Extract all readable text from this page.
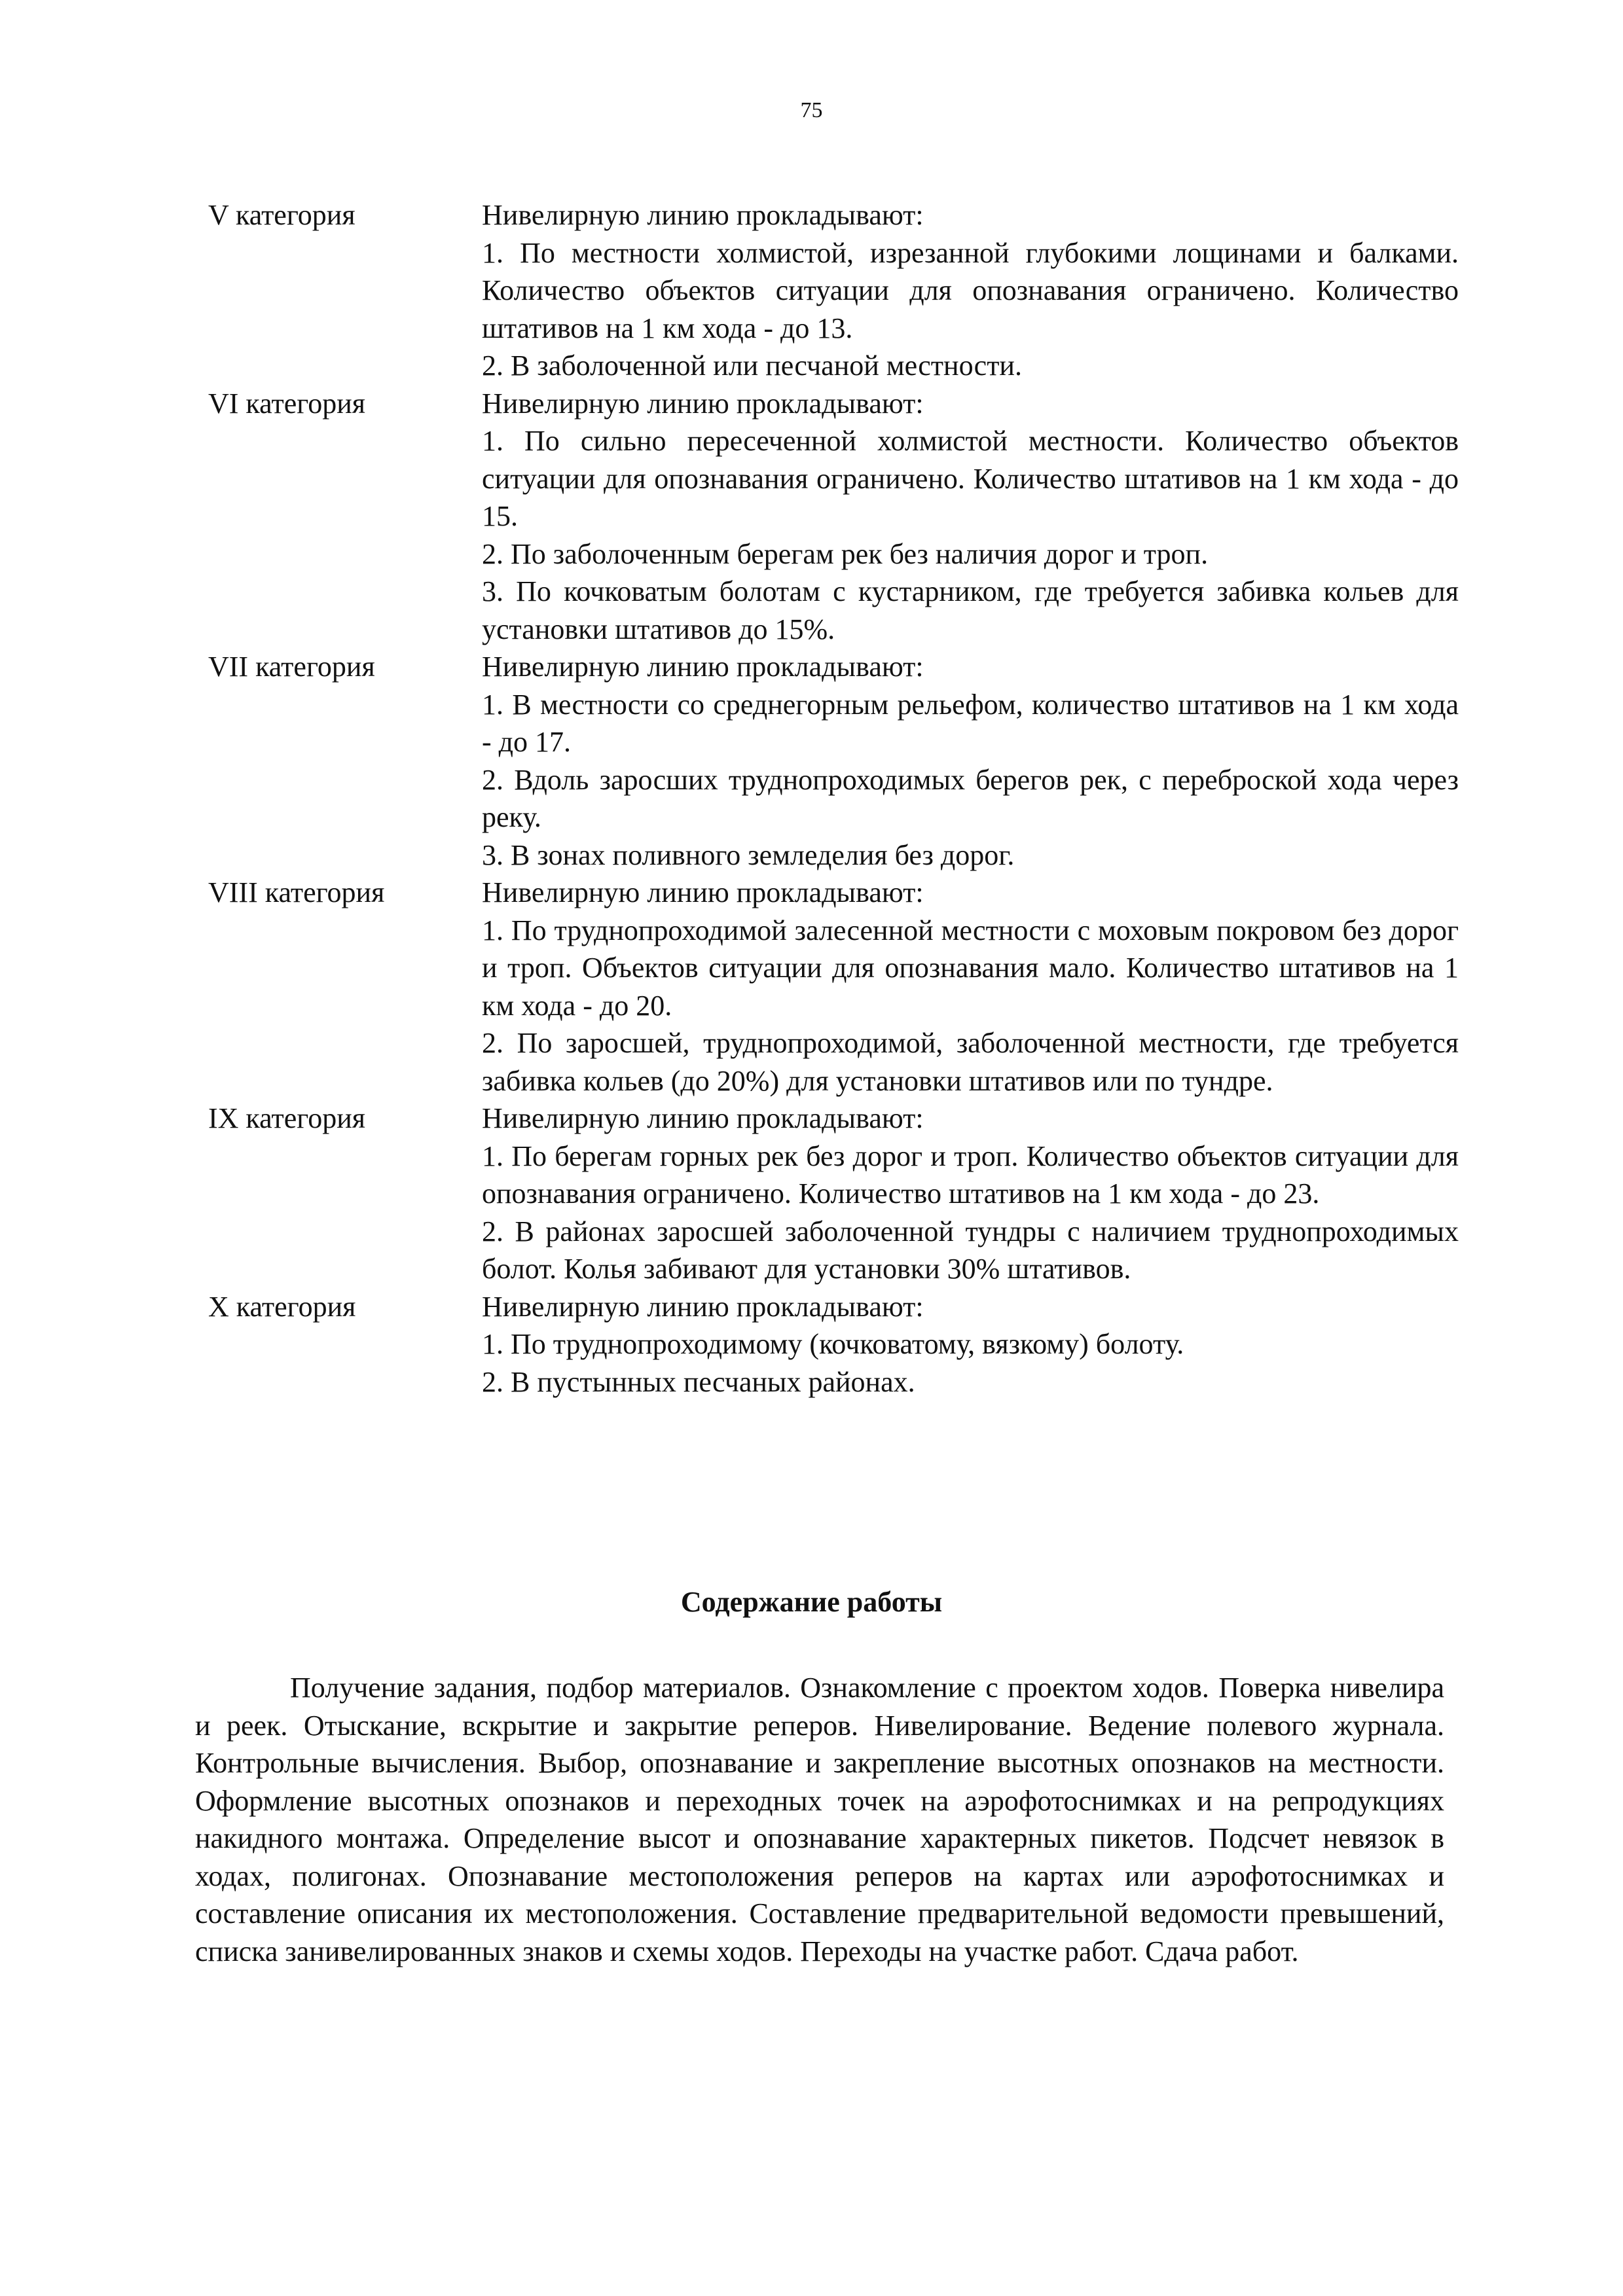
75
V категория	Нивелирную линию прокладывают:

1. По местности холмистой, изрезанной глубокими лощинами и балками. Количество объектов ситуации для опознавания ограничено. Количество штативов на 1 км хода - до 13.

2. В заболоченной или песчаной местности.

VI категория	Нивелирную линию прокладывают:

1. По сильно пересеченной холмистой местности. Количество объектов ситуации для опознавания ограничено. Количество штативов на 1 км хода - до 15.

2. По заболоченным берегам рек без наличия дорог и троп.

3. По кочковатым болотам с кустарником, где требуется забивка кольев для установки штативов до 15%.

VII категория	Нивелирную линию прокладывают:

1. В местности со среднегорным рельефом, количество штативов на 1 км хода - до 17.

2. Вдоль заросших труднопроходимых берегов рек, с переброской хода через реку.

3. В зонах поливного земледелия без дорог.

VIII категория	Нивелирную линию прокладывают:

1. По труднопроходимой залесенной местности с моховым покровом без дорог и троп. Объектов ситуации для опознавания мало. Количество штативов на 1 км хода - до 20.

2. По заросшей, труднопроходимой, заболоченной местности, где требуется забивка кольев (до 20%) для установки штативов или по тундре.

IX категория	Нивелирную линию прокладывают:

1. По берегам горных рек без дорог и троп. Количество объектов ситуации для опознавания ограничено. Количество штативов на 1 км хода - до 23.

2. В районах заросшей заболоченной тундры с наличием труднопроходимых болот. Колья забивают для установки 30% штативов.

X категория	Нивелирную линию прокладывают:

1. По труднопроходимому (кочковатому, вязкому) болоту.

2. В пустынных песчаных районах.

Содержание работы

Получение задания, подбор материалов. Ознакомление с проектом ходов. Поверка нивелира и реек. Отыскание, вскрытие и закрытие реперов. Нивелирование. Ведение полевого журнала. Контрольные вычисления. Выбор, опознавание и закрепление высотных опознаков на местности. Оформление высотных опознаков и переходных точек на аэрофотоснимках и на репродукциях накидного монтажа. Определение высот и опознавание характерных пикетов. Подсчет невязок в ходах, полигонах. Опознавание местоположения реперов на картах или аэрофотоснимках и составление описания их местоположения. Составление предварительной ведомости превышений, списка занивелированных знаков и схемы ходов. Переходы на участке работ. Сдача работ.
